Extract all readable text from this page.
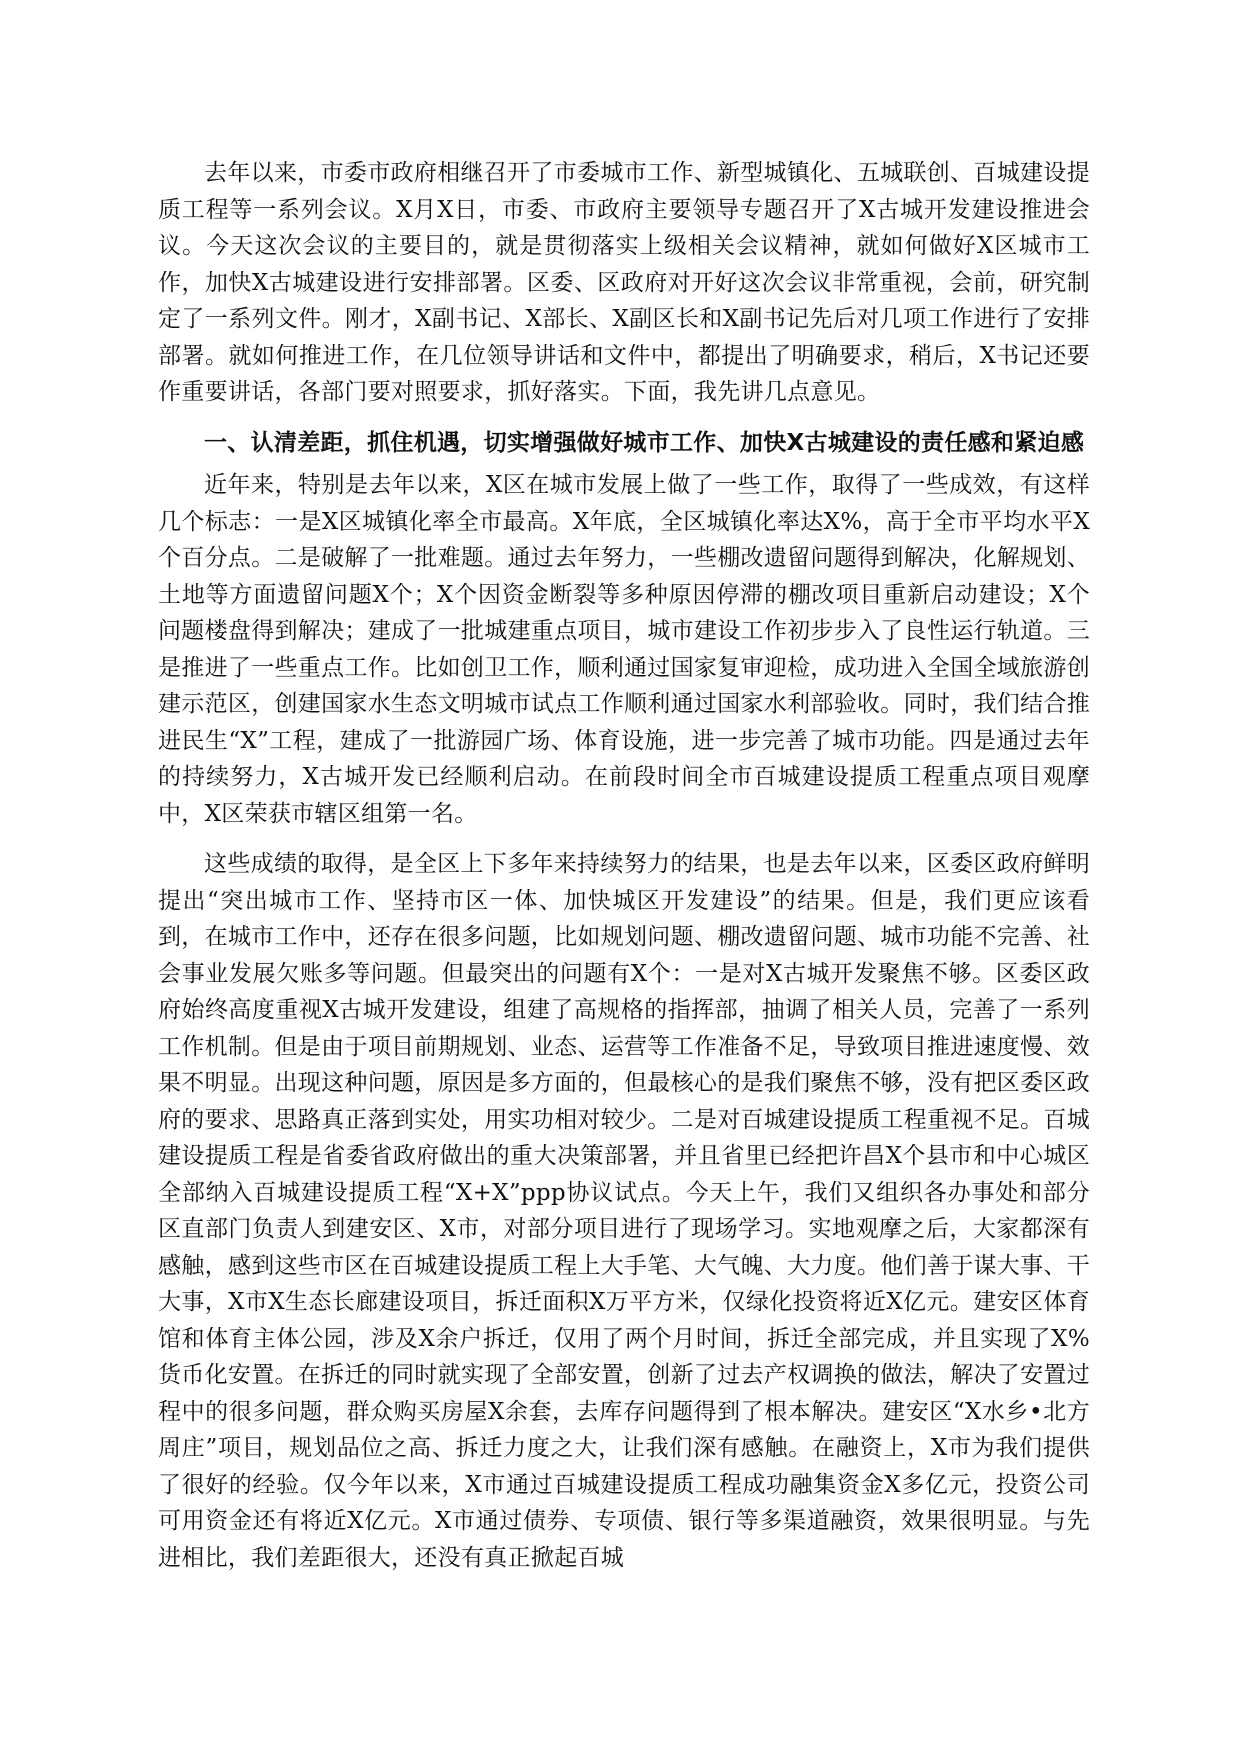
去年以来，市委市政府相继召开了市委城市工作、新型城镇化、五城联创、百城建设提质工程等一系列会议。X月X日，市委、市政府主要领导专题召开了X古城开发建设推进会议。今天这次会议的主要目的，就是贯彻落实上级相关会议精神，就如何做好X区城市工作，加快X古城建设进行安排部署。区委、区政府对开好这次会议非常重视，会前，研究制定了一系列文件。刚才，X副书记、X部长、X副区长和X副书记先后对几项工作进行了安排部署。就如何推进工作，在几位领导讲话和文件中，都提出了明确要求，稍后，X书记还要作重要讲话，各部门要对照要求，抓好落实。下面，我先讲几点意见。

一、认清差距，抓住机遇，切实增强做好城市工作、加快X古城建设的责任感和紧迫感

近年来，特别是去年以来，X区在城市发展上做了一些工作，取得了一些成效，有这样几个标志：一是X区城镇化率全市最高。X年底，全区城镇化率达X%，高于全市平均水平X个百分点。二是破解了一批难题。通过去年努力，一些棚改遗留问题得到解决，化解规划、土地等方面遗留问题X个；X个因资金断裂等多种原因停滞的棚改项目重新启动建设；X个问题楼盘得到解决；建成了一批城建重点项目，城市建设工作初步步入了良性运行轨道。三是推进了一些重点工作。比如创卫工作，顺利通过国家复审迎检，成功进入全国全域旅游创建示范区，创建国家水生态文明城市试点工作顺利通过国家水利部验收。同时，我们结合推进民生“X”工程，建成了一批游园广场、体育设施，进一步完善了城市功能。四是通过去年的持续努力，X古城开发已经顺利启动。在前段时间全市百城建设提质工程重点项目观摩中，X区荣获市辖区组第一名。

这些成绩的取得，是全区上下多年来持续努力的结果，也是去年以来，区委区政府鲜明提出“突出城市工作、坚持市区一体、加快城区开发建设”的结果。但是，我们更应该看到，在城市工作中，还存在很多问题，比如规划问题、棚改遗留问题、城市功能不完善、社会事业发展欠账多等问题。但最突出的问题有X个：一是对X古城开发聚焦不够。区委区政府始终高度重视X古城开发建设，组建了高规格的指挥部，抽调了相关人员，完善了一系列工作机制。但是由于项目前期规划、业态、运营等工作准备不足，导致项目推进速度慢、效果不明显。出现这种问题，原因是多方面的，但最核心的是我们聚焦不够，没有把区委区政府的要求、思路真正落到实处，用实功相对较少。二是对百城建设提质工程重视不足。百城建设提质工程是省委省政府做出的重大决策部署，并且省里已经把许昌X个县市和中心城区全部纳入百城建设提质工程“X+X”ppp协议试点。今天上午，我们又组织各办事处和部分区直部门负责人到建安区、X市，对部分项目进行了现场学习。实地观摩之后，大家都深有感触，感到这些市区在百城建设提质工程上大手笔、大气魄、大力度。他们善于谋大事、干大事，X市X生态长廊建设项目，拆迁面积X万平方米，仅绿化投资将近X亿元。建安区体育馆和体育主体公园，涉及X余户拆迁，仅用了两个月时间，拆迁全部完成，并且实现了X%货币化安置。在拆迁的同时就实现了全部安置，创新了过去产权调换的做法，解决了安置过程中的很多问题，群众购买房屋X余套，去库存问题得到了根本解决。建安区“X水乡•北方周庄”项目，规划品位之高、拆迁力度之大，让我们深有感触。在融资上，X市为我们提供了很好的经验。仅今年以来，X市通过百城建设提质工程成功融集资金X多亿元，投资公司可用资金还有将近X亿元。X市通过债券、专项债、银行等多渠道融资，效果很明显。与先进相比，我们差距很大，还没有真正掀起百城
